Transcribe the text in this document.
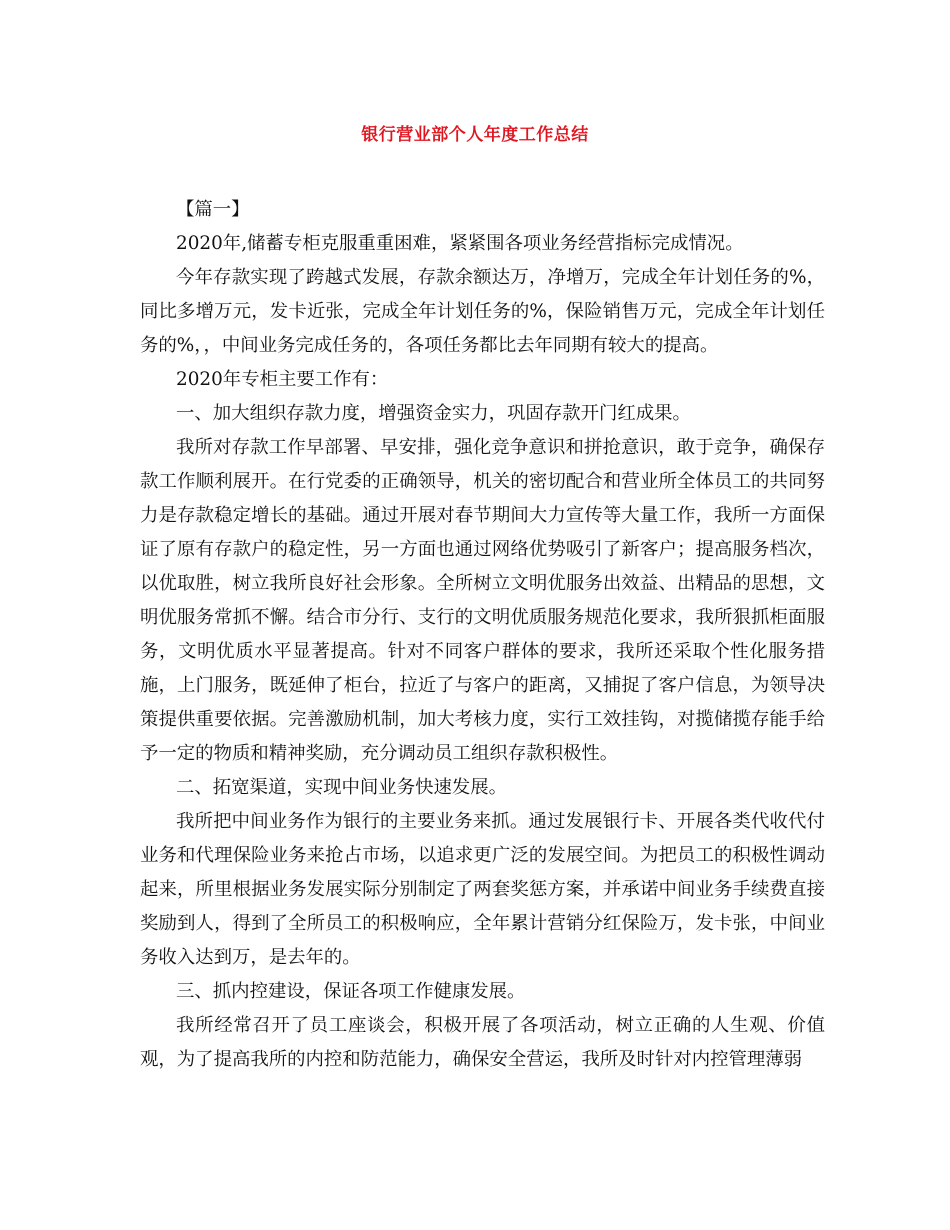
银行营业部个人年度工作总结

【篇一】

2020年,储蓄专柜克服重重困难，紧紧围各项业务经营指标完成情况。

今年存款实现了跨越式发展，存款余额达万，净增万，完成全年计划任务的%，同比多增万元，发卡近张，完成全年计划任务的%，保险销售万元，完成全年计划任务的%，，中间业务完成任务的，各项任务都比去年同期有较大的提高。

2020年专柜主要工作有：

一、加大组织存款力度，增强资金实力，巩固存款开门红成果。

我所对存款工作早部署、早安排，强化竞争意识和拼抢意识，敢于竞争，确保存款工作顺利展开。在行党委的正确领导，机关的密切配合和营业所全体员工的共同努力是存款稳定增长的基础。通过开展对春节期间大力宣传等大量工作，我所一方面保证了原有存款户的稳定性，另一方面也通过网络优势吸引了新客户；提高服务档次，以优取胜，树立我所良好社会形象。全所树立文明优服务出效益、出精品的思想，文明优服务常抓不懈。结合市分行、支行的文明优质服务规范化要求，我所狠抓柜面服务，文明优质水平显著提高。针对不同客户群体的要求，我所还采取个性化服务措施，上门服务，既延伸了柜台，拉近了与客户的距离，又捕捉了客户信息，为领导决策提供重要依据。完善激励机制，加大考核力度，实行工效挂钩，对揽储揽存能手给予一定的物质和精神奖励，充分调动员工组织存款积极性。

二、拓宽渠道，实现中间业务快速发展。

我所把中间业务作为银行的主要业务来抓。通过发展银行卡、开展各类代收代付业务和代理保险业务来抢占市场，以追求更广泛的发展空间。为把员工的积极性调动起来，所里根据业务发展实际分别制定了两套奖惩方案，并承诺中间业务手续费直接奖励到人，得到了全所员工的积极响应，全年累计营销分红保险万，发卡张，中间业务收入达到万，是去年的。

三、抓内控建设，保证各项工作健康发展。

我所经常召开了员工座谈会，积极开展了各项活动，树立正确的人生观、价值观，为了提高我所的内控和防范能力，确保安全营运，我所及时针对内控管理薄弱
